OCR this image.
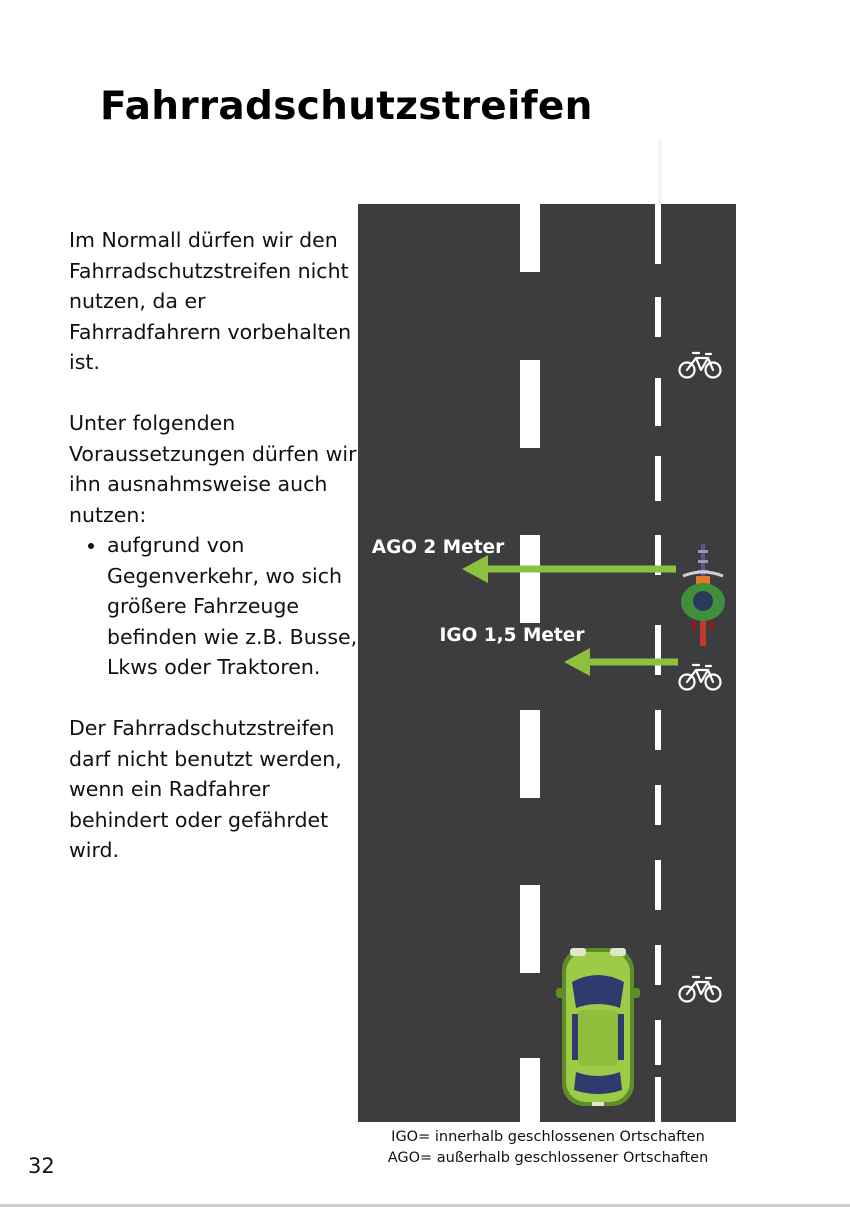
Fahrradschutzstreifen

Im Normall dürfen wir den Fahrradschutzstreifen nicht nutzen, da er Fahrradfahrern vorbehalten ist.

Unter folgenden Voraussetzungen dürfen wir ihn ausnahmsweise auch nutzen:

• aufgrund von Gegenverkehr, wo sich größere Fahrzeuge befinden wie z.B. Busse, Lkws oder Traktoren.

Der Fahrradschutzstreifen darf nicht benutzt werden, wenn ein Radfahrer behindert oder gefährdet wird.

AGO 2 Meter
IGO 1,5 Meter
IGO= innerhalb geschlossenen Ortschaften
AGO= außerhalb geschlossener Ortschaften
32
